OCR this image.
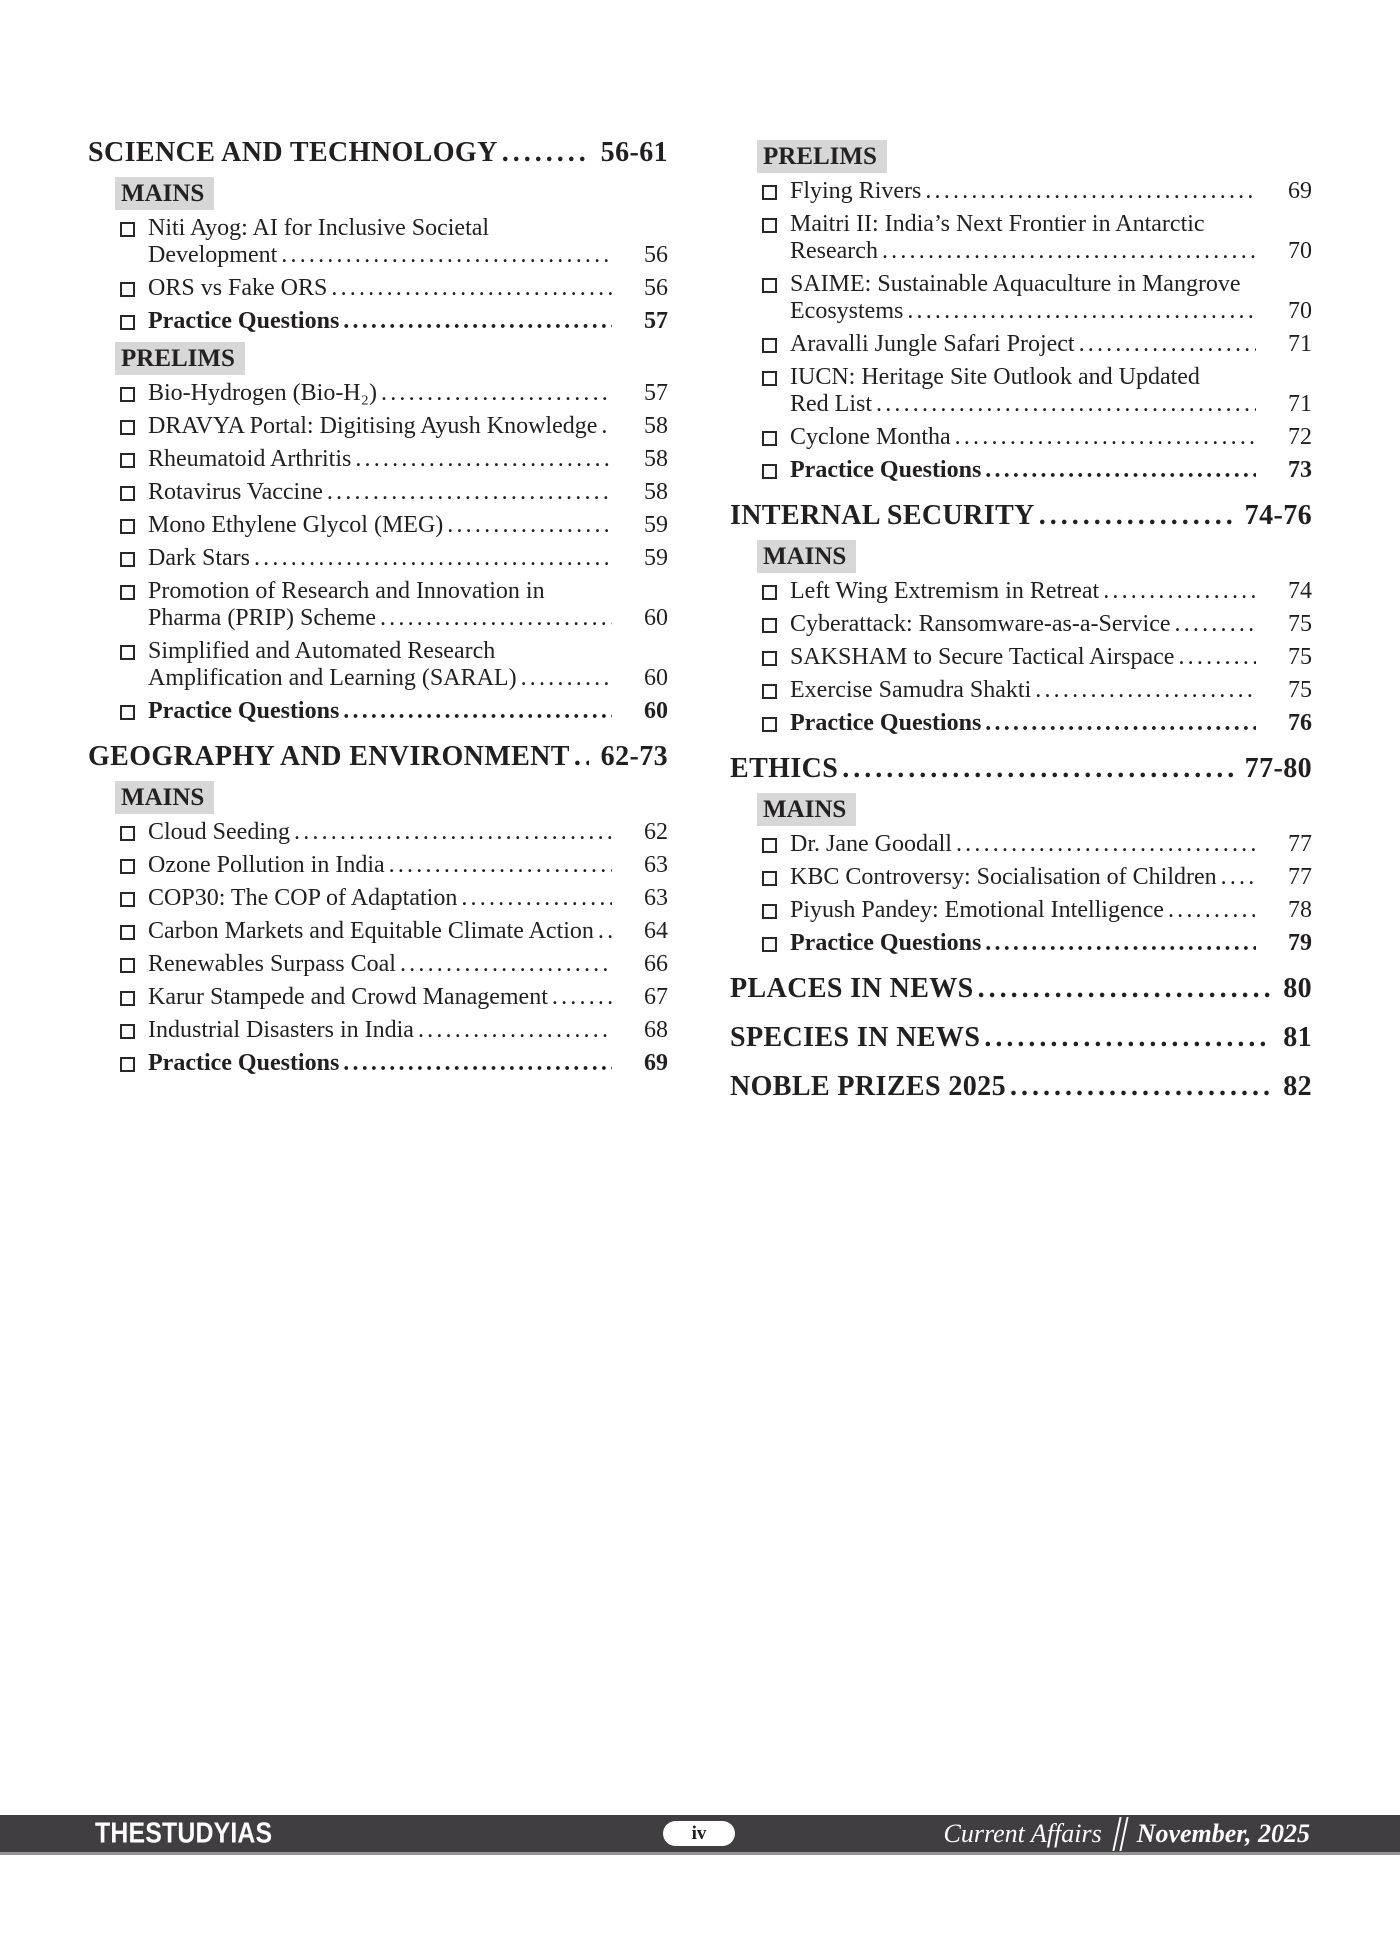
SCIENCE AND TECHNOLOGY .....	56-61
MAINS
Niti Ayog: AI for Inclusive Societal
Development .....	56
ORS vs Fake ORS .....	56
Practice Questions .....	57
PRELIMS
Bio-Hydrogen (Bio-H₂) .....	57
DRAVYA Portal: Digitising Ayush Knowledge .....	58
Rheumatoid Arthritis .....	58
Rotavirus Vaccine .....	58
Mono Ethylene Glycol (MEG) .....	59
Dark Stars .....	59
Promotion of Research and Innovation in
Pharma (PRIP) Scheme .....	60
Simplified and Automated Research
Amplification and Learning (SARAL) .....	60
Practice Questions .....	60
GEOGRAPHY AND ENVIRONMENT .....	62-73
MAINS
Cloud Seeding .....	62
Ozone Pollution in India .....	63
COP30: The COP of Adaptation .....	63
Carbon Markets and Equitable Climate Action .....	64
Renewables Surpass Coal .....	66
Karur Stampede and Crowd Management .....	67
Industrial Disasters in India .....	68
Practice Questions .....	69
PRELIMS
Flying Rivers .....	69
Maitri II: India’s Next Frontier in Antarctic
Research .....	70
SAIME: Sustainable Aquaculture in Mangrove
Ecosystems .....	70
Aravalli Jungle Safari Project .....	71
IUCN: Heritage Site Outlook and Updated
Red List .....	71
Cyclone Montha .....	72
Practice Questions .....	73
INTERNAL SECURITY .....	74-76
MAINS
Left Wing Extremism in Retreat .....	74
Cyberattack: Ransomware-as-a-Service .....	75
SAKSHAM to Secure Tactical Airspace .....	75
Exercise Samudra Shakti .....	75
Practice Questions .....	76
ETHICS .....	77-80
MAINS
Dr. Jane Goodall .....	77
KBC Controversy: Socialisation of Children .....	77
Piyush Pandey: Emotional Intelligence .....	78
Practice Questions .....	79
PLACES IN NEWS .....	80
SPECIES IN NEWS .....	81
NOBLE PRIZES 2025 .....	82
THESTUDYIAS	iv	Current Affairs November, 2025
